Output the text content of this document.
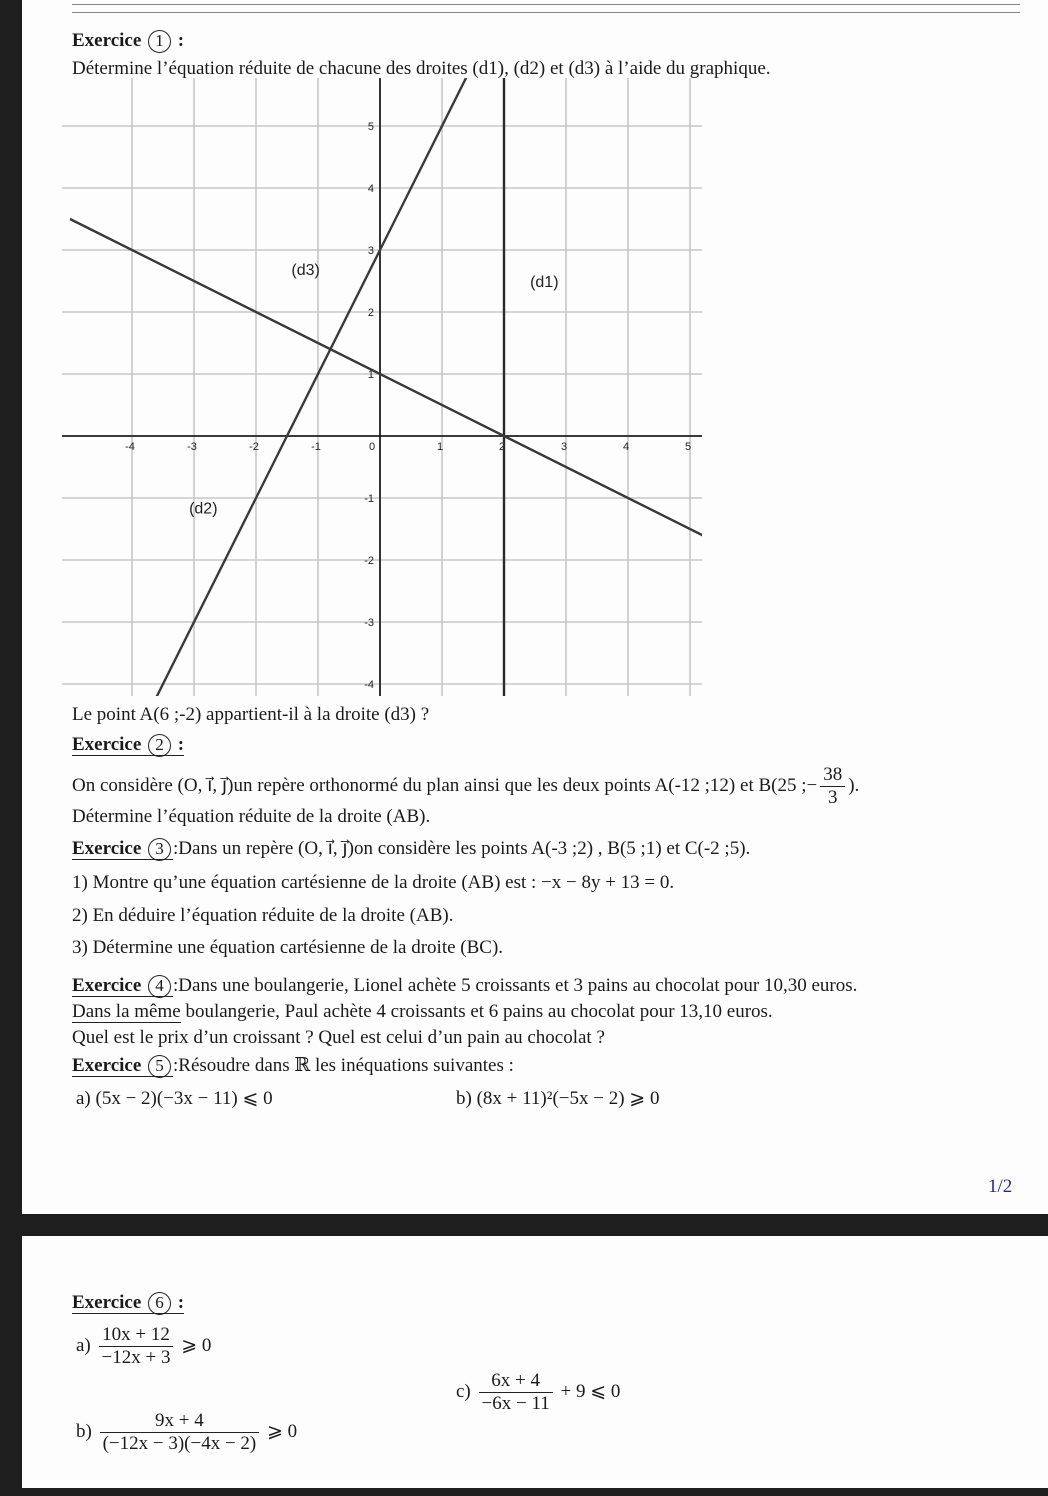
Exercice 1 :
Détermine l’équation réduite de chacune des droites (d1), (d2) et (d3) à l’aide du graphique.
-4	-3	-2	-1	0	1	2	3	4	5
-4
-3
-2
-1
1
2
3
4
5
(d1)
(d2)
(d3)
Le point A(6 ;-2) appartient-il à la droite (d3) ?
Exercice 2 :
On considère (O, i⃗, j⃗)un repère orthonormé du plan ainsi que les deux points A(-12 ;12) et B(25 ;− $\frac{38}{3}$ ).
Détermine l’équation réduite de la droite (AB).
Exercice 3 :Dans un repère (O, i⃗, j⃗)on considère les points A(-3 ;2) , B(5 ;1) et C(-2 ;5).
1) Montre qu’une équation cartésienne de la droite (AB) est : −x − 8y + 13 = 0.
2) En déduire l’équation réduite de la droite (AB).
3) Détermine une équation cartésienne de la droite (BC).
Exercice 4 :Dans une boulangerie, Lionel achète 5 croissants et 3 pains au chocolat pour 10,30 euros.
Dans la même boulangerie, Paul achète 4 croissants et 6 pains au chocolat pour 13,10 euros.
Quel est le prix d’un croissant ? Quel est celui d’un pain au chocolat ?
Exercice 5 :Résoudre dans ℝ les inéquations suivantes :
a) (5x − 2)(−3x − 11) ⩽ 0	b) (8x + 11)²(−5x − 2) ⩾ 0
1/2
Exercice 6 :
$a) \frac{10x + 12}{-12x + 3}$ ⩾ 0
$c) \frac{6x + 4}{-6x - 11} + 9$ ⩽ 0
$b) \frac{9x + 4}{(-12x - 3)(-4x - 2)}$ ⩾ 0
